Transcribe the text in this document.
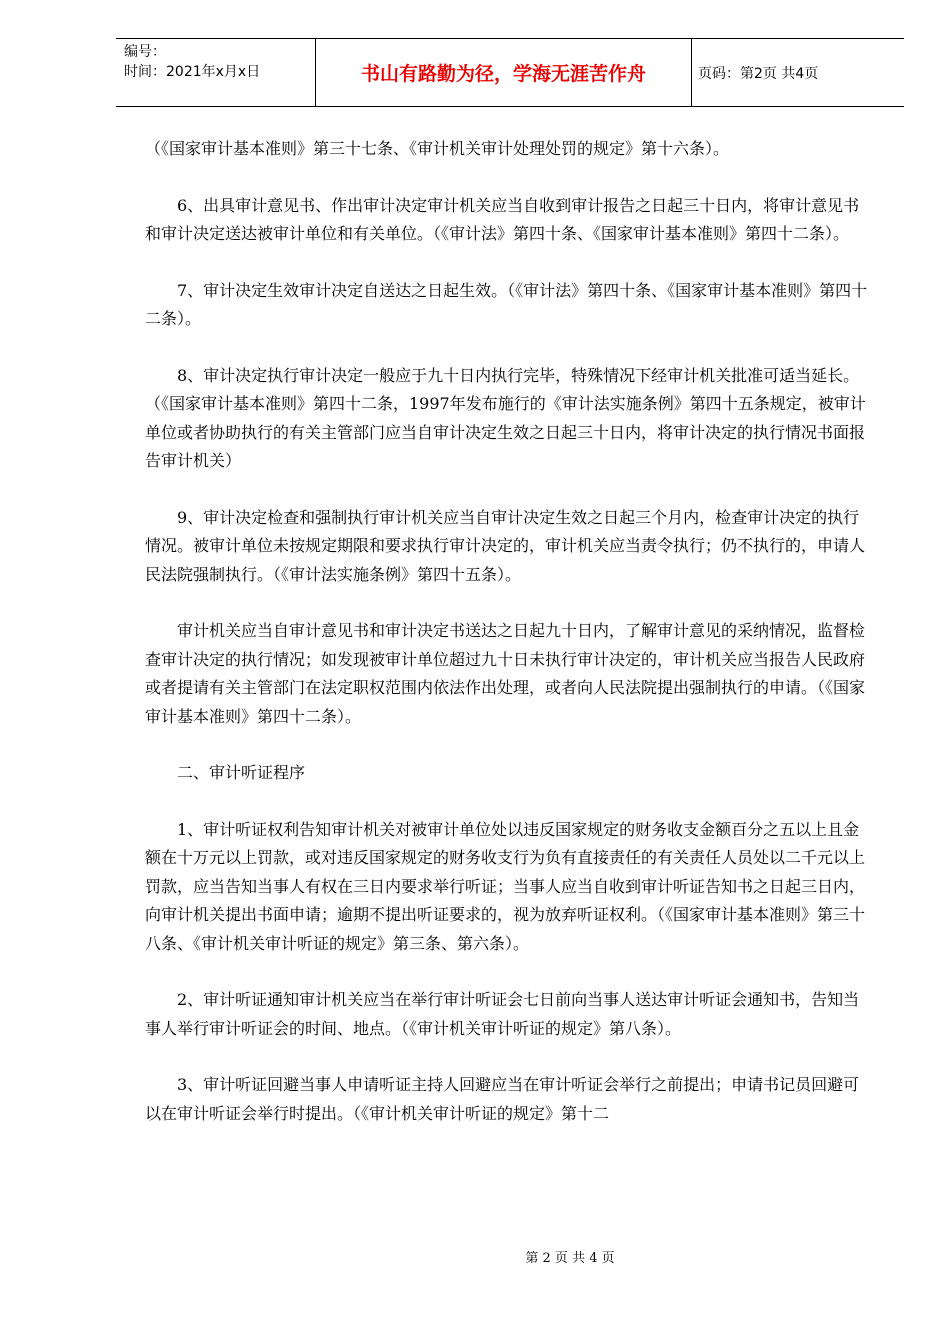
编号：
时间：2021年x月x日	书山有路勤为径，学海无涯苦作舟	页码：第2页 共4页

（《国家审计基本准则》第三十七条、《审计机关审计处理处罚的规定》第十六条）。

6、出具审计意见书、作出审计决定审计机关应当自收到审计报告之日起三十日内，将审计意见书和审计决定送达被审计单位和有关单位。（《审计法》第四十条、《国家审计基本准则》第四十二条）。

7、审计决定生效审计决定自送达之日起生效。（《审计法》第四十条、《国家审计基本准则》第四十二条）。

8、审计决定执行审计决定一般应于九十日内执行完毕，特殊情况下经审计机关批准可适当延长。（《国家审计基本准则》第四十二条，1997年发布施行的《审计法实施条例》第四十五条规定，被审计单位或者协助执行的有关主管部门应当自审计决定生效之日起三十日内，将审计决定的执行情况书面报告审计机关）

9、审计决定检查和强制执行审计机关应当自审计决定生效之日起三个月内，检查审计决定的执行情况。被审计单位未按规定期限和要求执行审计决定的，审计机关应当责令执行；仍不执行的，申请人民法院强制执行。（《审计法实施条例》第四十五条）。

审计机关应当自审计意见书和审计决定书送达之日起九十日内，了解审计意见的采纳情况，监督检查审计决定的执行情况；如发现被审计单位超过九十日未执行审计决定的，审计机关应当报告人民政府或者提请有关主管部门在法定职权范围内依法作出处理，或者向人民法院提出强制执行的申请。（《国家审计基本准则》第四十二条）。

二、审计听证程序

1、审计听证权利告知审计机关对被审计单位处以违反国家规定的财务收支金额百分之五以上且金额在十万元以上罚款，或对违反国家规定的财务收支行为负有直接责任的有关责任人员处以二千元以上罚款，应当告知当事人有权在三日内要求举行听证；当事人应当自收到审计听证告知书之日起三日内，向审计机关提出书面申请；逾期不提出听证要求的，视为放弃听证权利。（《国家审计基本准则》第三十八条、《审计机关审计听证的规定》第三条、第六条）。

2、审计听证通知审计机关应当在举行审计听证会七日前向当事人送达审计听证会通知书，告知当事人举行审计听证会的时间、地点。（《审计机关审计听证的规定》第八条）。

3、审计听证回避当事人申请听证主持人回避应当在审计听证会举行之前提出；申请书记员回避可以在审计听证会举行时提出。（《审计机关审计听证的规定》第十二

第 2 页 共 4 页
